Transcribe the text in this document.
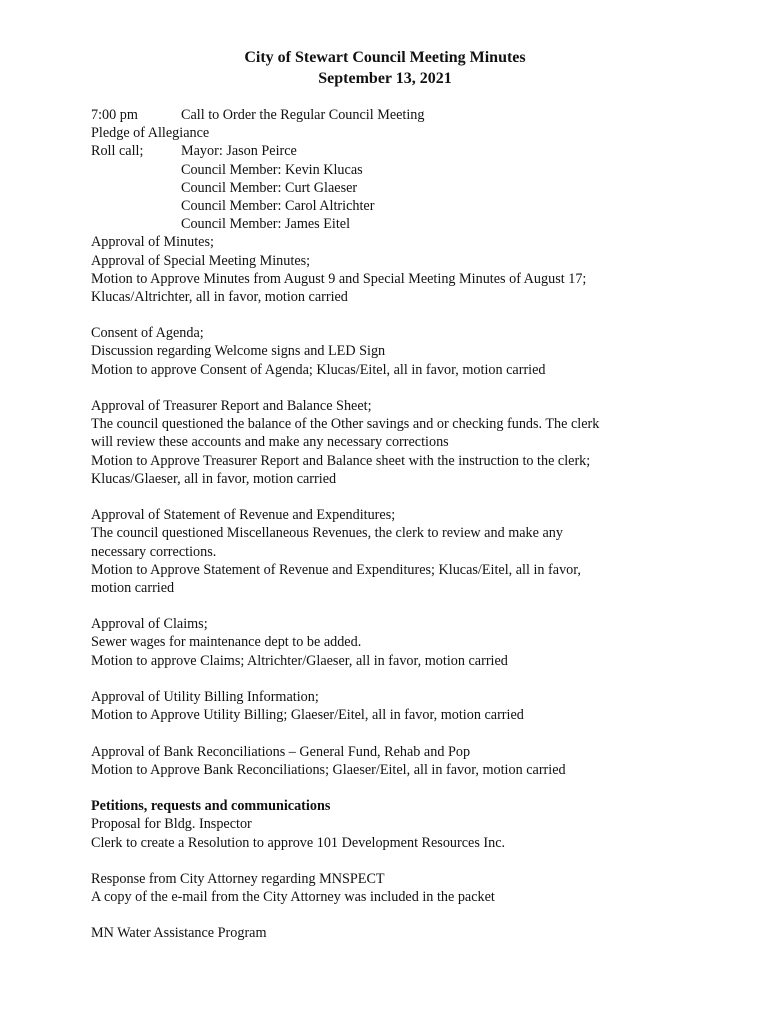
City of Stewart Council Meeting Minutes
September 13, 2021
7:00 pm	Call to Order the Regular Council Meeting
Pledge of Allegiance
Roll call;	Mayor: Jason Peirce
Council Member: Kevin Klucas
Council Member: Curt Glaeser
Council Member: Carol Altrichter
Council Member: James Eitel
Approval of Minutes;
Approval of Special Meeting Minutes;
Motion to Approve Minutes from August 9 and Special Meeting Minutes of August 17;
Klucas/Altrichter, all in favor, motion carried
Consent of Agenda;
Discussion regarding Welcome signs and LED Sign
Motion to approve Consent of Agenda; Klucas/Eitel, all in favor, motion carried
Approval of Treasurer Report and Balance Sheet;
The council questioned the balance of the Other savings and or checking funds. The clerk
will review these accounts and make any necessary corrections
Motion to Approve Treasurer Report and Balance sheet with the instruction to the clerk;
Klucas/Glaeser, all in favor, motion carried
Approval of Statement of Revenue and Expenditures;
The council questioned Miscellaneous Revenues, the clerk to review and make any
necessary corrections.
Motion to Approve Statement of Revenue and Expenditures; Klucas/Eitel, all in favor,
motion carried
Approval of Claims;
Sewer wages for maintenance dept to be added.
Motion to approve Claims; Altrichter/Glaeser, all in favor, motion carried
Approval of Utility Billing Information;
Motion to Approve Utility Billing; Glaeser/Eitel, all in favor, motion carried
Approval of Bank Reconciliations – General Fund, Rehab and Pop
Motion to Approve Bank Reconciliations; Glaeser/Eitel, all in favor, motion carried
Petitions, requests and communications
Proposal for Bldg. Inspector
Clerk to create a Resolution to approve 101 Development Resources Inc.
Response from City Attorney regarding MNSPECT
A copy of the e-mail from the City Attorney was included in the packet
MN Water Assistance Program
